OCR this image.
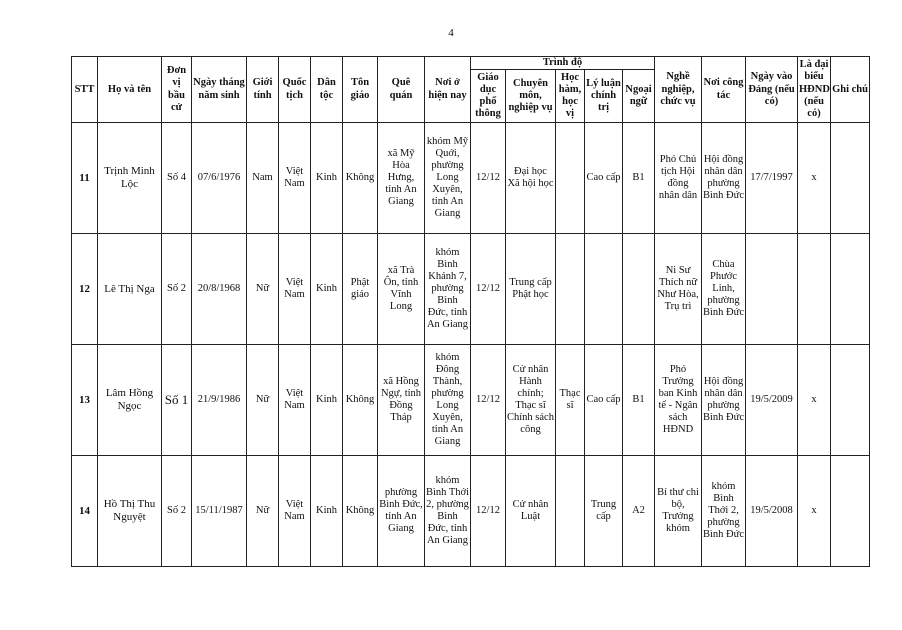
4
STT	Họ và tên	Đơn vị bầu cử	Ngày tháng năm sinh	Giới tính	Quốc tịch	Dân tộc	Tôn giáo	Quê quán	Nơi ở hiện nay	Trình độ					Nghề nghiệp, chức vụ	Nơi công tác	Ngày vào Đảng (nếu có)	Là đại biểu HĐND (nếu có)	Ghi chú
										Giáo dục phổ thông	Chuyên môn, nghiệp vụ	Học hàm, học vị	Lý luận chính trị	Ngoại ngữ					
11	Trịnh Minh Lộc	Số 4	07/6/1976	Nam	Việt Nam	Kinh	Không	xã Mỹ Hòa Hưng, tỉnh An Giang	khóm Mỹ Quới, phường Long Xuyên, tỉnh An Giang	12/12	Đại học Xã hội học		Cao cấp	B1	Phó Chủ tịch Hội đồng nhân dân	Hội đồng nhân dân phường Bình Đức	17/7/1997	x	
12	Lê Thị Nga	Số 2	20/8/1968	Nữ	Việt Nam	Kinh	Phật giáo	xã Trà Ôn, tỉnh Vĩnh Long	khóm Bình Khánh 7, phường Bình Đức, tỉnh An Giang	12/12	Trung cấp Phật học				Ni Sư Thích nữ Như Hòa, Trụ trì	Chùa Phước Linh, phường Bình Đức			
13	Lâm Hồng Ngọc	Số 1	21/9/1986	Nữ	Việt Nam	Kinh	Không	xã Hồng Ngự, tỉnh Đồng Tháp	khóm Đông Thành, phường Long Xuyên, tỉnh An Giang	12/12	Cử nhân Hành chính; Thạc sĩ Chính sách công	Thạc sĩ	Cao cấp	B1	Phó Trưởng ban Kinh tế - Ngân sách HĐND	Hội đồng nhân dân phường Bình Đức	19/5/2009	x	
14	Hồ Thị Thu Nguyệt	Số 2	15/11/1987	Nữ	Việt Nam	Kinh	Không	phường Bình Đức, tỉnh An Giang	khóm Bình Thới 2, phường Bình Đức, tỉnh An Giang	12/12	Cử nhân Luật		Trung cấp	A2	Bí thư chi bộ, Trưởng khóm	khóm Bình Thới 2, phường Bình Đức	19/5/2008	x	
